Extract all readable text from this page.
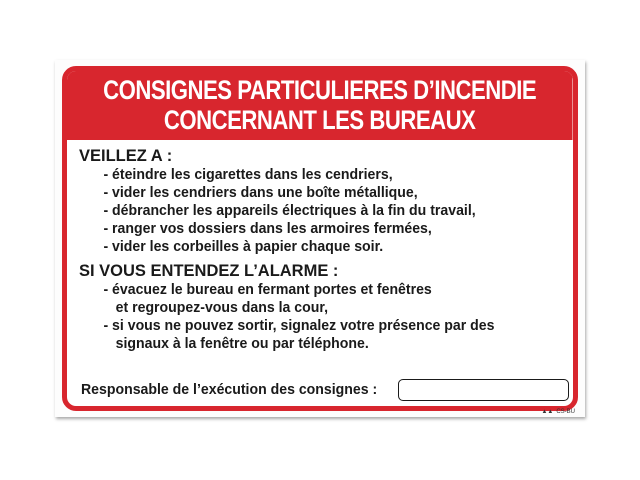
CONSIGNES PARTICULIERES D’INCENDIE
CONCERNANT LES BUREAUX

VEILLEZ A :

- éteindre les cigarettes dans les cendriers,

- vider les cendriers dans une boîte métallique,

- débrancher les appareils électriques à la fin du travail,

- ranger vos dossiers dans les armoires fermées,

- vider les corbeilles à papier chaque soir.

SI VOUS ENTENDEZ L’ALARME :

- évacuez le bureau en fermant portes et fenêtres

et regroupez-vous dans la cour,

- si vous ne pouvez sortir, signalez votre présence par des

signaux à la fenêtre ou par téléphone.

Responsable de l’exécution des consignes :
▲▲ CS-BU
